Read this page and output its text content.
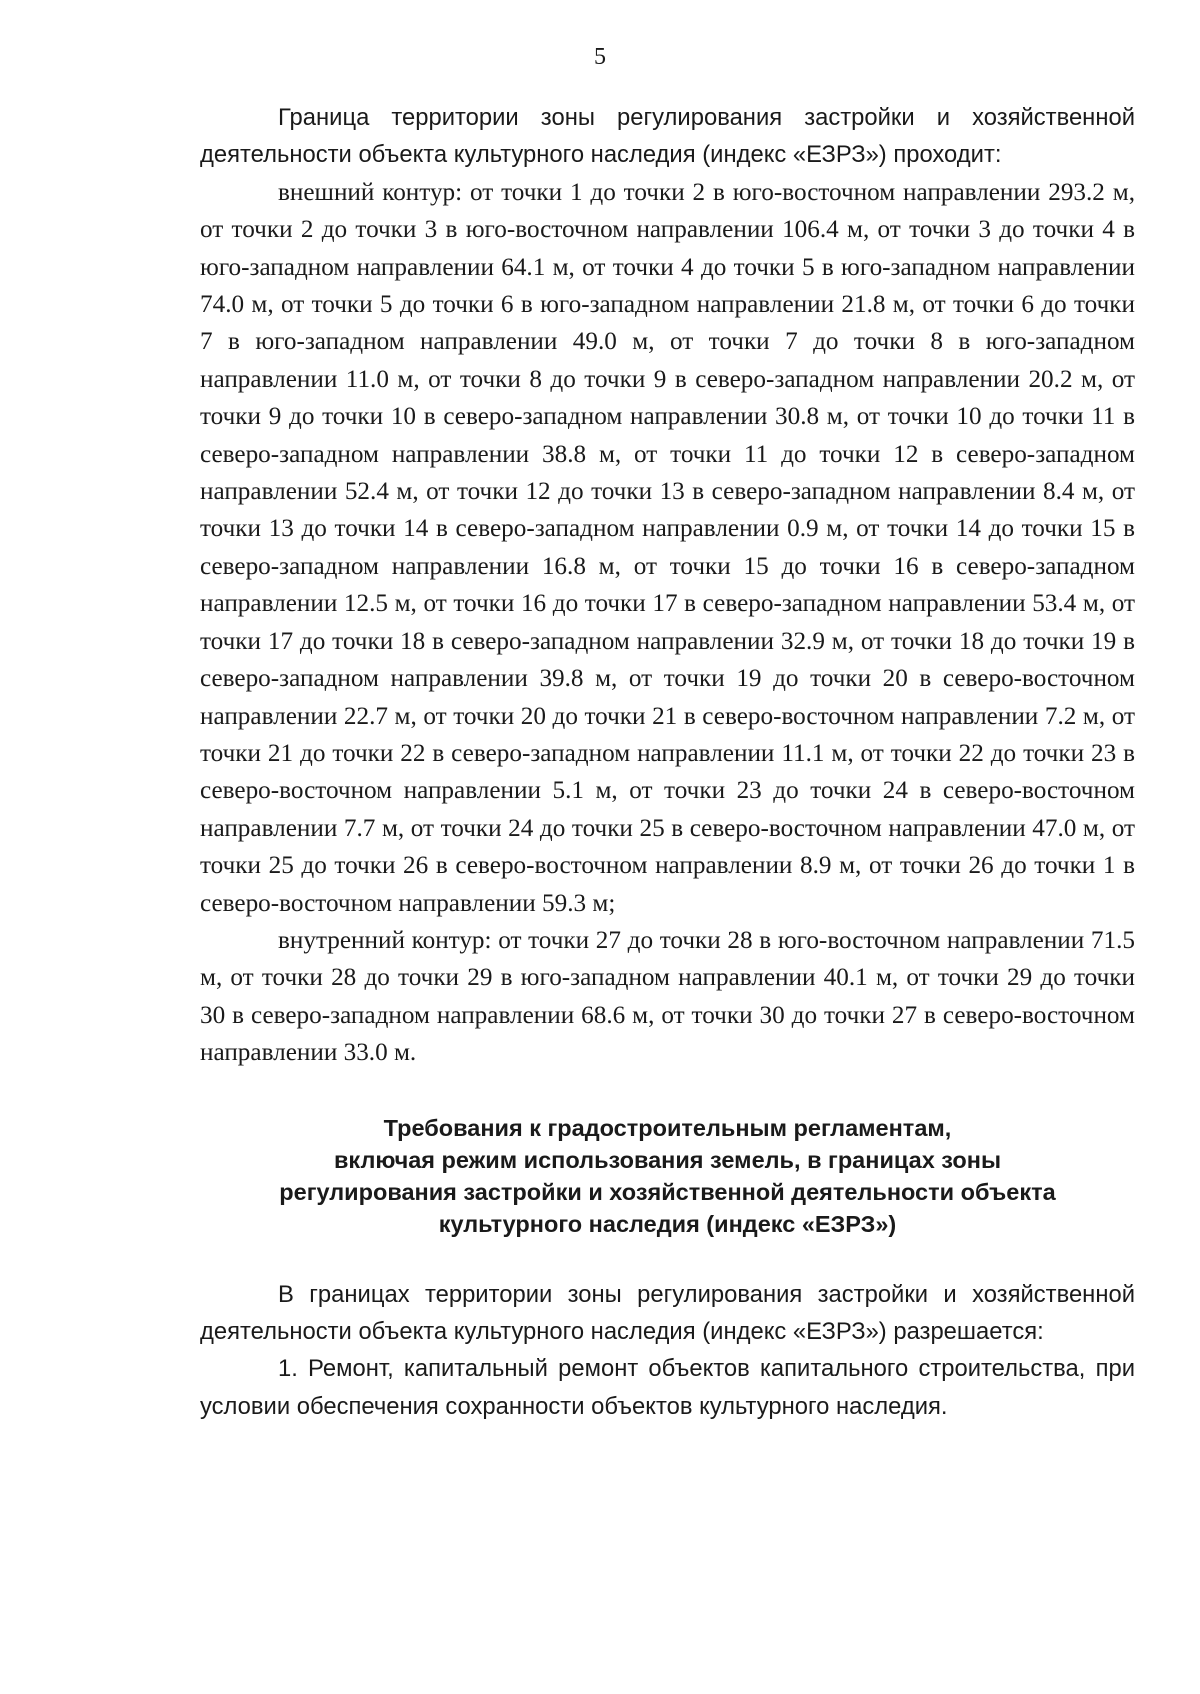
5

Граница территории зоны регулирования застройки и хозяйственной деятельности объекта культурного наследия (индекс «ЕЗРЗ») проходит:

внешний контур: от точки 1 до точки 2 в юго-восточном направлении 293.2 м, от точки 2 до точки 3 в юго-восточном направлении 106.4 м, от точки 3 до точки 4 в юго-западном направлении 64.1 м, от точки 4 до точки 5 в юго-западном направлении 74.0 м, от точки 5 до точки 6 в юго-западном направлении 21.8 м, от точки 6 до точки 7 в юго-западном направлении 49.0 м, от точки 7 до точки 8 в юго-западном направлении 11.0 м, от точки 8 до точки 9 в северо-западном направлении 20.2 м, от точки 9 до точки 10 в северо-западном направлении 30.8 м, от точки 10 до точки 11 в северо-западном направлении 38.8 м, от точки 11 до точки 12 в северо-западном направлении 52.4 м, от точки 12 до точки 13 в северо-западном направлении 8.4 м, от точки 13 до точки 14 в северо-западном направлении 0.9 м, от точки 14 до точки 15 в северо-западном направлении 16.8 м, от точки 15 до точки 16 в северо-западном направлении 12.5 м, от точки 16 до точки 17 в северо-западном направлении 53.4 м, от точки 17 до точки 18 в северо-западном направлении 32.9 м, от точки 18 до точки 19 в северо-западном направлении 39.8 м, от точки 19 до точки 20 в северо-восточном направлении 22.7 м, от точки 20 до точки 21 в северо-восточном направлении 7.2 м, от точки 21 до точки 22 в северо-западном направлении 11.1 м, от точки 22 до точки 23 в северо-восточном направлении 5.1 м, от точки 23 до точки 24 в северо-восточном направлении 7.7 м, от точки 24 до точки 25 в северо-восточном направлении 47.0 м, от точки 25 до точки 26 в северо-восточном направлении 8.9 м, от точки 26 до точки 1 в северо-восточном направлении 59.3 м;

внутренний контур: от точки 27 до точки 28 в юго-восточном направлении 71.5 м, от точки 28 до точки 29 в юго-западном направлении 40.1 м, от точки 29 до точки 30 в северо-западном направлении 68.6 м, от точки 30 до точки 27 в северо-восточном направлении 33.0 м.

Требования к градостроительным регламентам,
включая режим использования земель, в границах зоны
регулирования застройки и хозяйственной деятельности объекта
культурного наследия (индекс «ЕЗРЗ»)

В границах территории зоны регулирования застройки и хозяйственной деятельности объекта культурного наследия (индекс «ЕЗРЗ») разрешается:

1. Ремонт, капитальный ремонт объектов капитального строительства, при условии обеспечения сохранности объектов культурного наследия.
